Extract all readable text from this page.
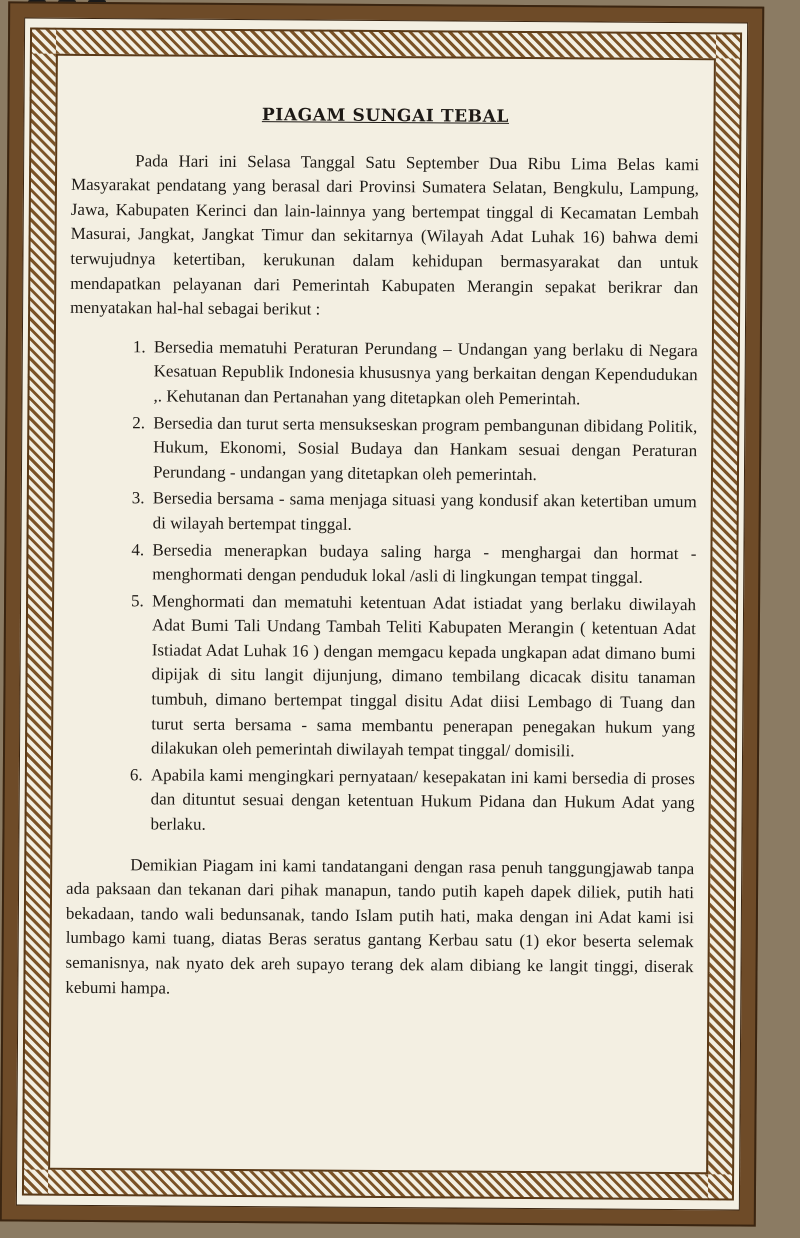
PIAGAM SUNGAI TEBAL

Pada Hari ini Selasa Tanggal Satu September Dua Ribu Lima Belas kami Masyarakat pendatang yang berasal dari Provinsi Sumatera Selatan, Bengkulu, Lampung, Jawa, Kabupaten Kerinci dan lain-lainnya yang bertempat tinggal di Kecamatan Lembah Masurai, Jangkat, Jangkat Timur dan sekitarnya (Wilayah Adat Luhak 16) bahwa demi terwujudnya ketertiban, kerukunan dalam kehidupan bermasyarakat dan untuk mendapatkan pelayanan dari Pemerintah Kabupaten Merangin sepakat berikrar dan menyatakan hal-hal sebagai berikut :

1. Bersedia mematuhi Peraturan Perundang – Undangan yang berlaku di Negara Kesatuan Republik Indonesia khususnya yang berkaitan dengan Kependudukan ,. Kehutanan dan Pertanahan yang ditetapkan oleh Pemerintah.
2. Bersedia dan turut serta mensukseskan program pembangunan dibidang Politik, Hukum, Ekonomi, Sosial Budaya dan Hankam sesuai dengan Peraturan Perundang - undangan yang ditetapkan oleh pemerintah.
3. Bersedia bersama - sama menjaga situasi yang kondusif akan ketertiban umum di wilayah bertempat tinggal.
4. Bersedia menerapkan budaya saling harga - menghargai dan hormat - menghormati dengan penduduk lokal /asli di lingkungan tempat tinggal.
5. Menghormati dan mematuhi ketentuan Adat istiadat yang berlaku diwilayah Adat Bumi Tali Undang Tambah Teliti Kabupaten Merangin ( ketentuan Adat Istiadat Adat Luhak 16 ) dengan memgacu kepada ungkapan adat dimano bumi dipijak di situ langit dijunjung, dimano tembilang dicacak disitu tanaman tumbuh, dimano bertempat tinggal disitu Adat diisi Lembago di Tuang dan turut serta bersama - sama membantu penerapan penegakan hukum yang dilakukan oleh pemerintah diwilayah tempat tinggal/ domisili.
6. Apabila kami mengingkari pernyataan/ kesepakatan ini kami bersedia di proses dan dituntut sesuai dengan ketentuan Hukum Pidana dan Hukum Adat yang berlaku.

Demikian Piagam ini kami tandatangani dengan rasa penuh tanggungjawab tanpa ada paksaan dan tekanan dari pihak manapun, tando putih kapeh dapek diliek, putih hati bekadaan, tando wali bedunsanak, tando Islam putih hati, maka dengan ini Adat kami isi lumbago kami tuang, diatas Beras seratus gantang Kerbau satu (1) ekor beserta selemak semanisnya, nak nyato dek areh supayo terang dek alam dibiang ke langit tinggi, diserak kebumi hampa.
